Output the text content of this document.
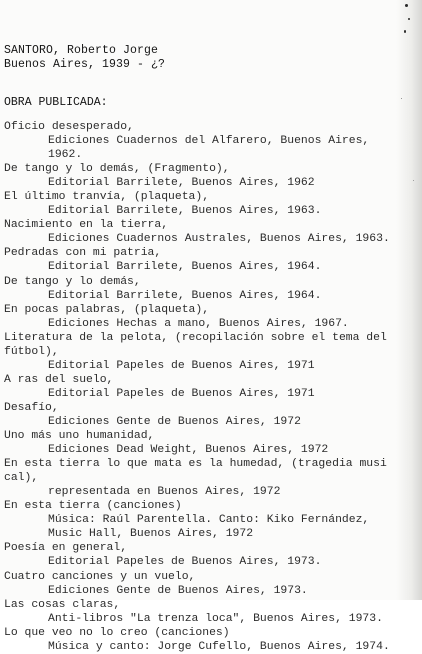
SANTORO, Roberto Jorge
Buenos Aires, 1939 - ¿?
OBRA PUBLICADA:
Oficio desesperado,
Ediciones Cuadernos del Alfarero, Buenos Aires,
1962.
De tango y lo demás, (Fragmento),
Editorial Barrilete, Buenos Aires, 1962
El último tranvía, (plaqueta),
Editorial Barrilete, Buenos Aires, 1963.
Nacimiento en la tierra,
Ediciones Cuadernos Australes, Buenos Aires, 1963.
Pedradas con mi patria,
Editorial Barrilete, Buenos Aires, 1964.
De tango y lo demás,
Editorial Barrilete, Buenos Aires, 1964.
En pocas palabras, (plaqueta),
Ediciones Hechas a mano, Buenos Aires, 1967.
Literatura de la pelota, (recopilación sobre el tema del
fútbol),
Editorial Papeles de Buenos Aires, 1971
A ras del suelo,
Editorial Papeles de Buenos Aires, 1971
Desafío,
Ediciones Gente de Buenos Aires, 1972
Uno más uno humanidad,
Ediciones Dead Weight, Buenos Aires, 1972
En esta tierra lo que mata es la humedad, (tragedia musi
cal),
representada en Buenos Aires, 1972
En esta tierra (canciones)
Música: Raúl Parentella. Canto: Kiko Fernández,
Music Hall, Buenos Aires, 1972
Poesía en general,
Editorial Papeles de Buenos Aires, 1973.
Cuatro canciones y un vuelo,
Ediciones Gente de Buenos Aires, 1973.
Las cosas claras,
Anti-libros "La trenza loca", Buenos Aires, 1973.
Lo que veo no lo creo (canciones)
Música y canto: Jorge Cufello, Buenos Aires, 1974.
